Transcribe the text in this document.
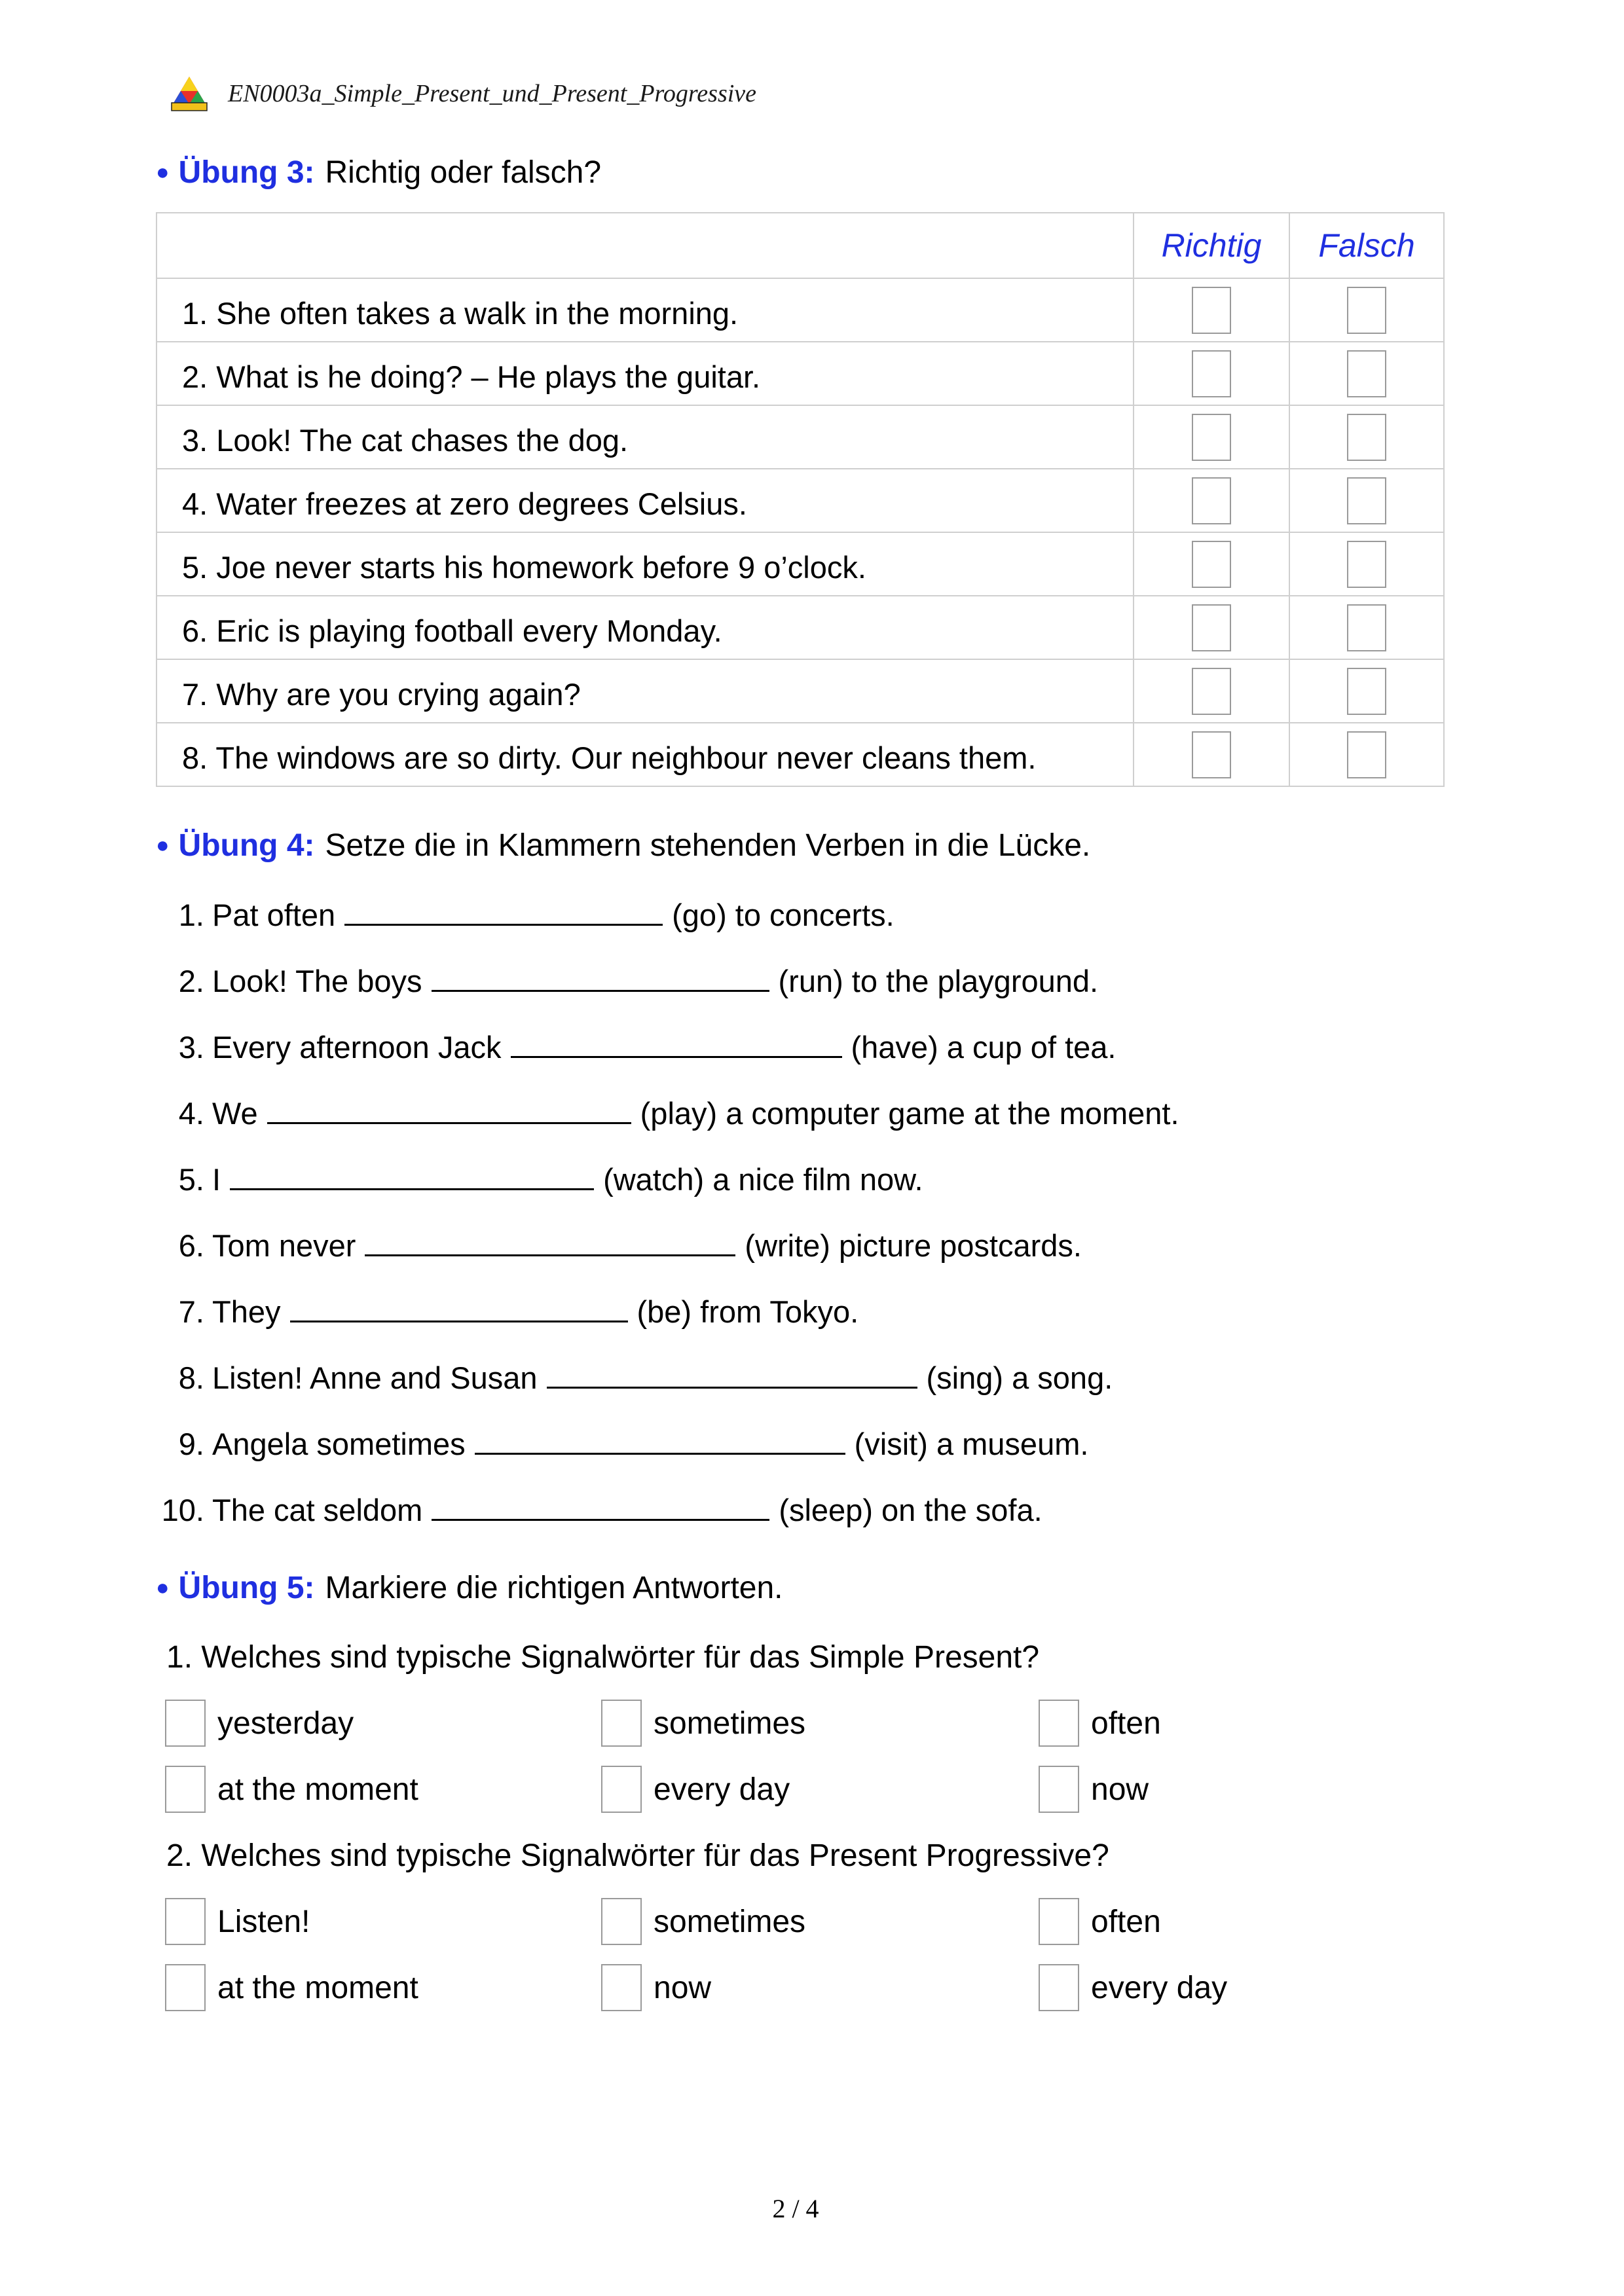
EN0003a_Simple_Present_und_Present_Progressive
● Übung 3: Richtig oder falsch?
	Richtig	Falsch
1. She often takes a walk in the morning.		
2. What is he doing? – He plays the guitar.		
3. Look! The cat chases the dog.		
4. Water freezes at zero degrees Celsius.		
5. Joe never starts his homework before 9 o’clock.		
6. Eric is playing football every Monday.		
7. Why are you crying again?		
8. The windows are so dirty. Our neighbour never cleans them.		
● Übung 4: Setze die in Klammern stehenden Verben in die Lücke.
1. Pat often	(go) to concerts.
2. Look! The boys	(run) to the playground.
3. Every afternoon Jack	(have) a cup of tea.
4. We	(play) a computer game at the moment.
5. I	(watch) a nice film now.
6. Tom never	(write) picture postcards.
7. They	(be) from Tokyo.
8. Listen! Anne and Susan	(sing) a song.
9. Angela sometimes	(visit) a museum.
10. The cat seldom	(sleep) on the sofa.
● Übung 5: Markiere die richtigen Antworten.
1. Welches sind typische Signalwörter für das Simple Present?
yesterday	sometimes	often
at the moment	every day	now
2. Welches sind typische Signalwörter für das Present Progressive?
Listen!	sometimes	often
at the moment	now	every day
2 / 4
